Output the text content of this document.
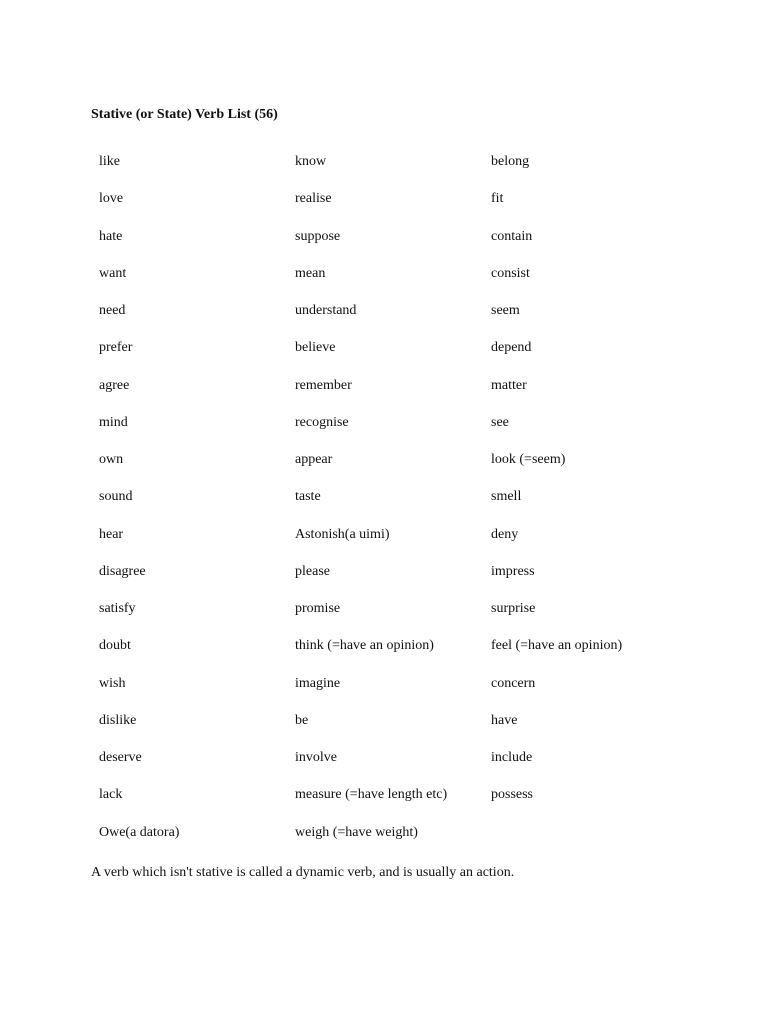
Stative (or State) Verb List (56)
like	know	belong
love	realise	fit
hate	suppose	contain
want	mean	consist
need	understand	seem
prefer	believe	depend
agree	remember	matter
mind	recognise	see
own	appear	look (=seem)
sound	taste	smell
hear	Astonish(a uimi)	deny
disagree	please	impress
satisfy	promise	surprise
doubt	think (=have an opinion)	feel (=have an opinion)
wish	imagine	concern
dislike	be	have
deserve	involve	include
lack	measure (=have length etc)	possess
Owe(a datora)	weigh (=have weight)	
A verb which isn't stative is called a dynamic verb, and is usually an action.
